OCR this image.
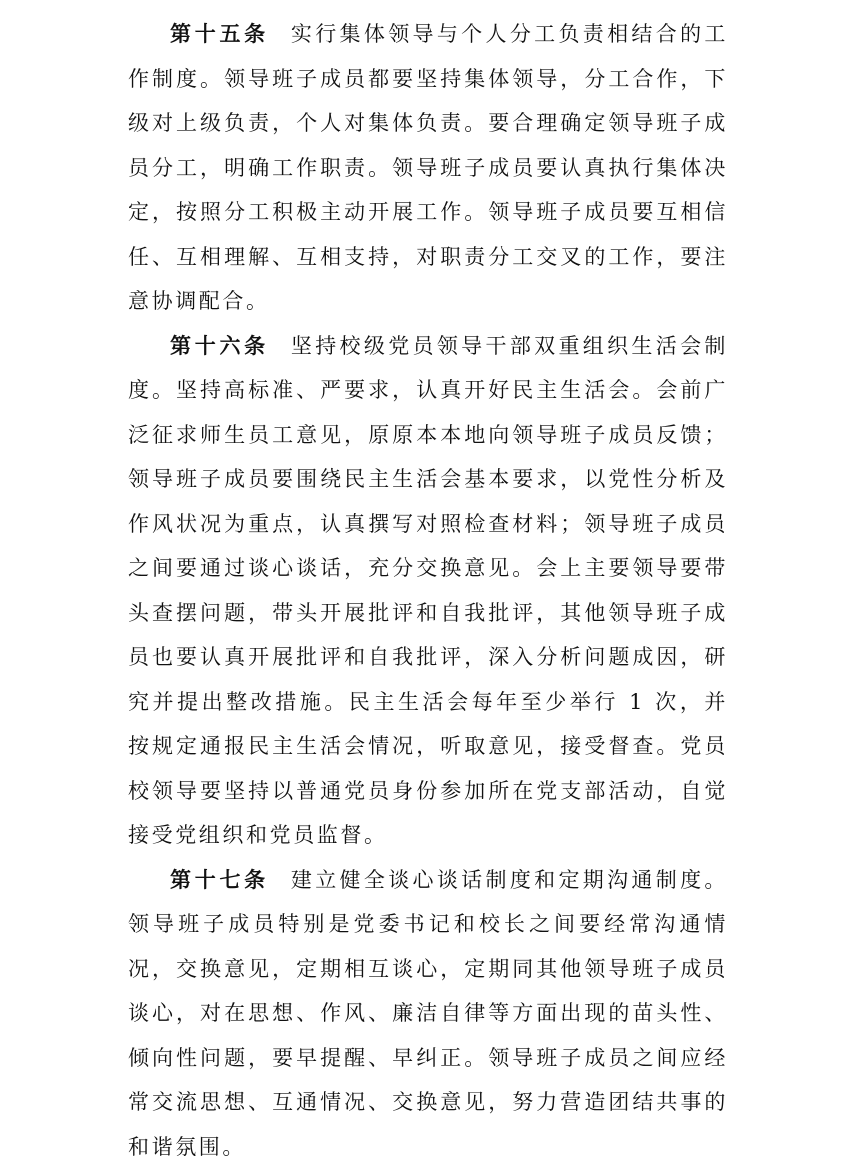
第十五条 实行集体领导与个人分工负责相结合的工作制度。领导班子成员都要坚持集体领导，分工合作，下级对上级负责，个人对集体负责。要合理确定领导班子成员分工，明确工作职责。领导班子成员要认真执行集体决定，按照分工积极主动开展工作。领导班子成员要互相信任、互相理解、互相支持，对职责分工交叉的工作，要注意协调配合。

第十六条 坚持校级党员领导干部双重组织生活会制度。坚持高标准、严要求，认真开好民主生活会。会前广泛征求师生员工意见，原原本本地向领导班子成员反馈；领导班子成员要围绕民主生活会基本要求，以党性分析及作风状况为重点，认真撰写对照检查材料；领导班子成员之间要通过谈心谈话，充分交换意见。会上主要领导要带头查摆问题，带头开展批评和自我批评，其他领导班子成员也要认真开展批评和自我批评，深入分析问题成因，研究并提出整改措施。民主生活会每年至少举行 1 次，并按规定通报民主生活会情况，听取意见，接受督查。党员校领导要坚持以普通党员身份参加所在党支部活动，自觉接受党组织和党员监督。

第十七条 建立健全谈心谈话制度和定期沟通制度。领导班子成员特别是党委书记和校长之间要经常沟通情况，交换意见，定期相互谈心，定期同其他领导班子成员谈心，对在思想、作风、廉洁自律等方面出现的苗头性、倾向性问题，要早提醒、早纠正。领导班子成员之间应经常交流思想、互通情况、交换意见，努力营造团结共事的和谐氛围。
